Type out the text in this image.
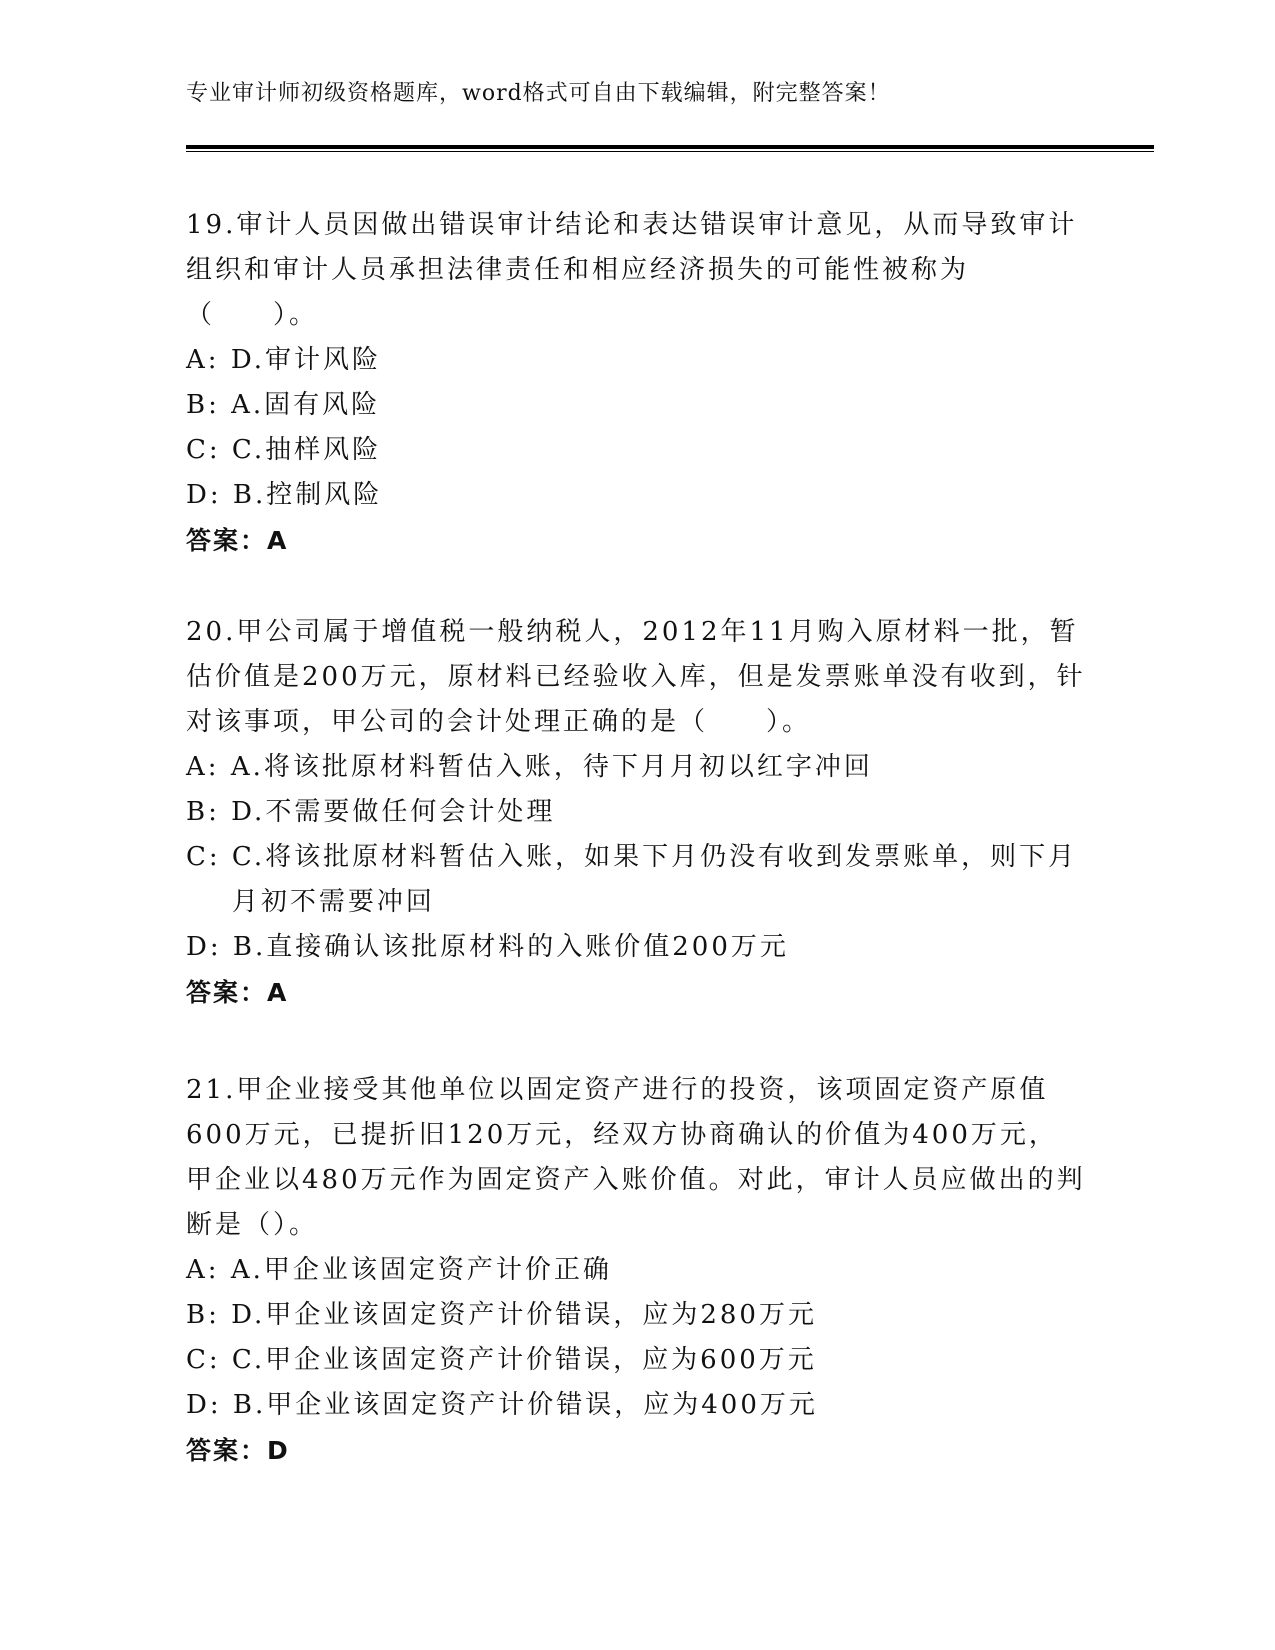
专业审计师初级资格题库，word格式可自由下载编辑，附完整答案！

19.审计人员因做出错误审计结论和表达错误审计意见，从而导致审计组织和审计人员承担法律责任和相应经济损失的可能性被称为（　　）。

A: D.审计风险
B: A.固有风险
C: C.抽样风险
D: B.控制风险

答案：A

20.甲公司属于增值税一般纳税人，2012年11月购入原材料一批，暂估价值是200万元，原材料已经验收入库，但是发票账单没有收到，针对该事项，甲公司的会计处理正确的是（　　）。

A: A.将该批原材料暂估入账，待下月月初以红字冲回
B: D.不需要做任何会计处理
C: C.将该批原材料暂估入账，如果下月仍没有收到发票账单，则下月月初不需要冲回
D: B.直接确认该批原材料的入账价值200万元

答案：A

21.甲企业接受其他单位以固定资产进行的投资，该项固定资产原值600万元，已提折旧120万元，经双方协商确认的价值为400万元，甲企业以480万元作为固定资产入账价值。对此，审计人员应做出的判断是（）。

A: A.甲企业该固定资产计价正确
B: D.甲企业该固定资产计价错误，应为280万元
C: C.甲企业该固定资产计价错误，应为600万元
D: B.甲企业该固定资产计价错误，应为400万元

答案：D
